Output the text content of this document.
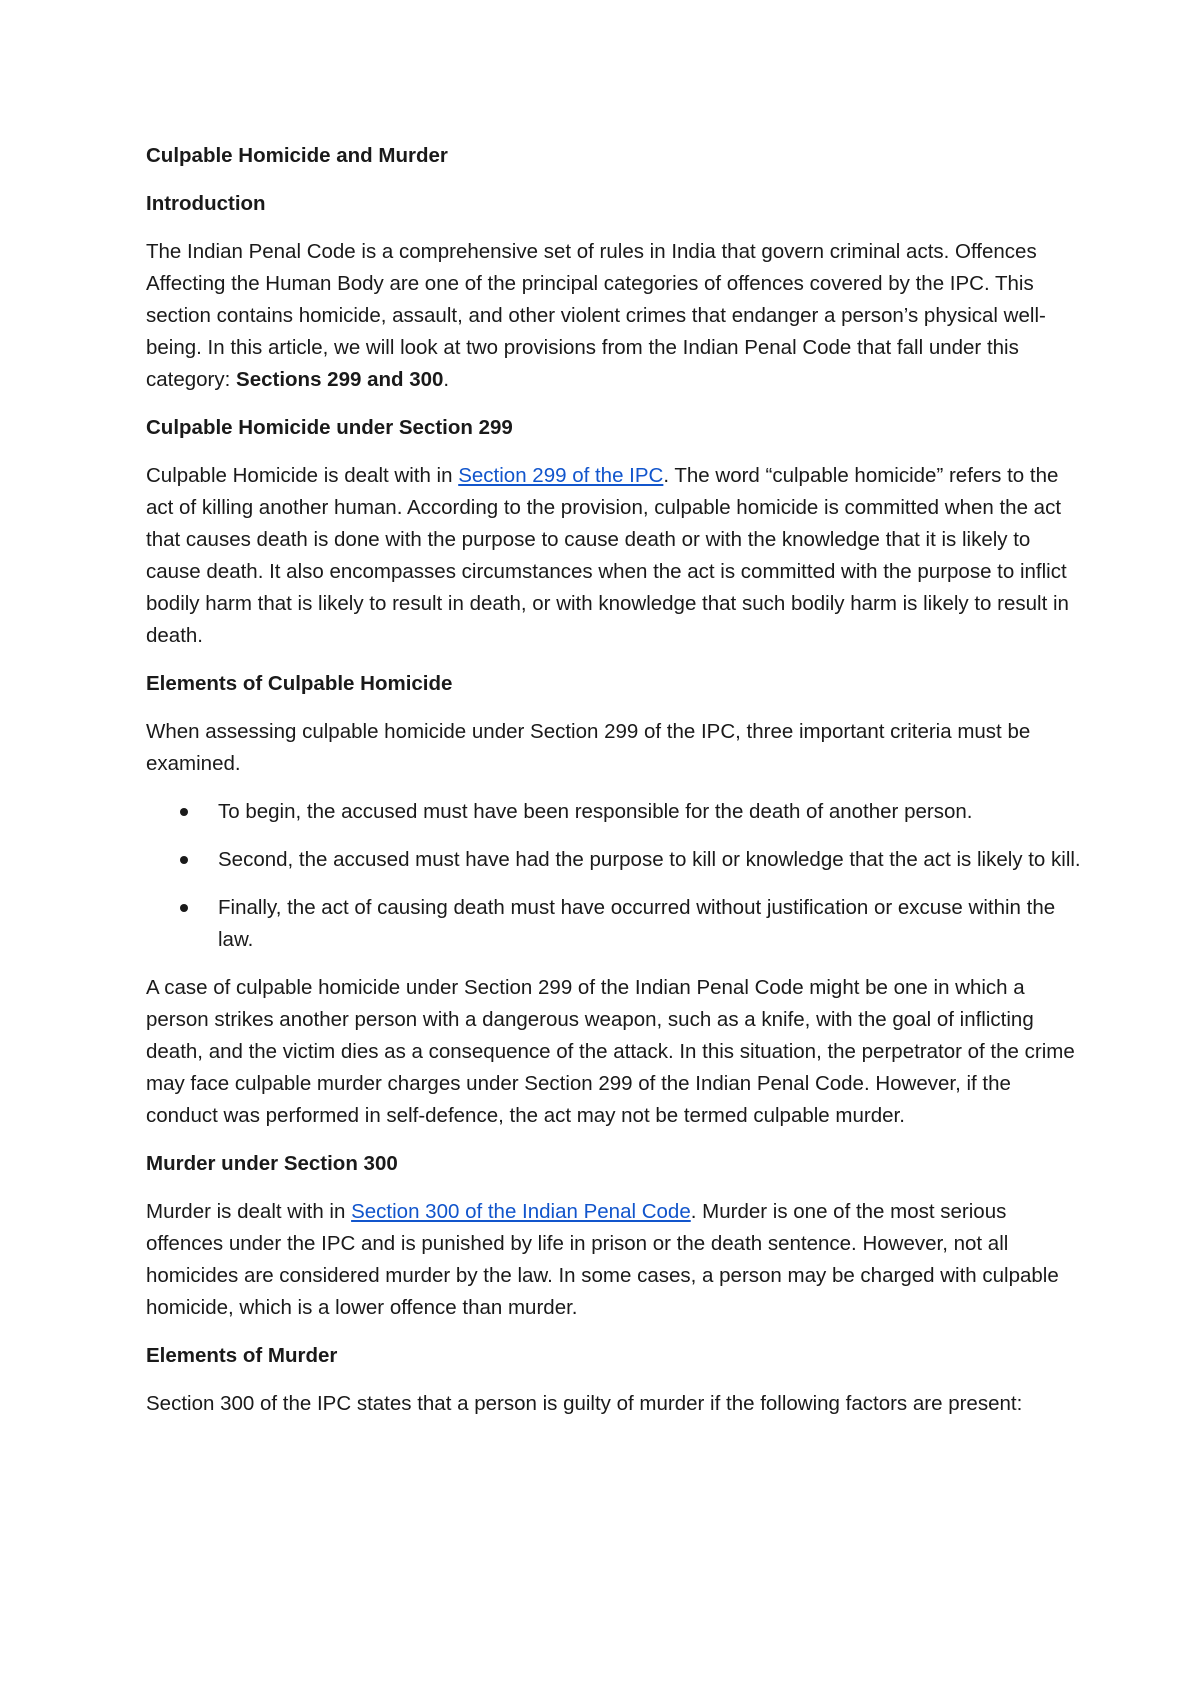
Culpable Homicide and Murder

Introduction

The Indian Penal Code is a comprehensive set of rules in India that govern criminal acts. Offences Affecting the Human Body are one of the principal categories of offences covered by the IPC. This section contains homicide, assault, and other violent crimes that endanger a person’s physical well-being. In this article, we will look at two provisions from the Indian Penal Code that fall under this category: Sections 299 and 300.

Culpable Homicide under Section 299

Culpable Homicide is dealt with in Section 299 of the IPC. The word “culpable homicide” refers to the act of killing another human. According to the provision, culpable homicide is committed when the act that causes death is done with the purpose to cause death or with the knowledge that it is likely to cause death. It also encompasses circumstances when the act is committed with the purpose to inflict bodily harm that is likely to result in death, or with knowledge that such bodily harm is likely to result in death.

Elements of Culpable Homicide

When assessing culpable homicide under Section 299 of the IPC, three important criteria must be examined.

To begin, the accused must have been responsible for the death of another person.
Second, the accused must have had the purpose to kill or knowledge that the act is likely to kill.
Finally, the act of causing death must have occurred without justification or excuse within the law.

A case of culpable homicide under Section 299 of the Indian Penal Code might be one in which a person strikes another person with a dangerous weapon, such as a knife, with the goal of inflicting death, and the victim dies as a consequence of the attack. In this situation, the perpetrator of the crime may face culpable murder charges under Section 299 of the Indian Penal Code. However, if the conduct was performed in self-defence, the act may not be termed culpable murder.

Murder under Section 300

Murder is dealt with in Section 300 of the Indian Penal Code. Murder is one of the most serious offences under the IPC and is punished by life in prison or the death sentence. However, not all homicides are considered murder by the law. In some cases, a person may be charged with culpable homicide, which is a lower offence than murder.

Elements of Murder

Section 300 of the IPC states that a person is guilty of murder if the following factors are present:
